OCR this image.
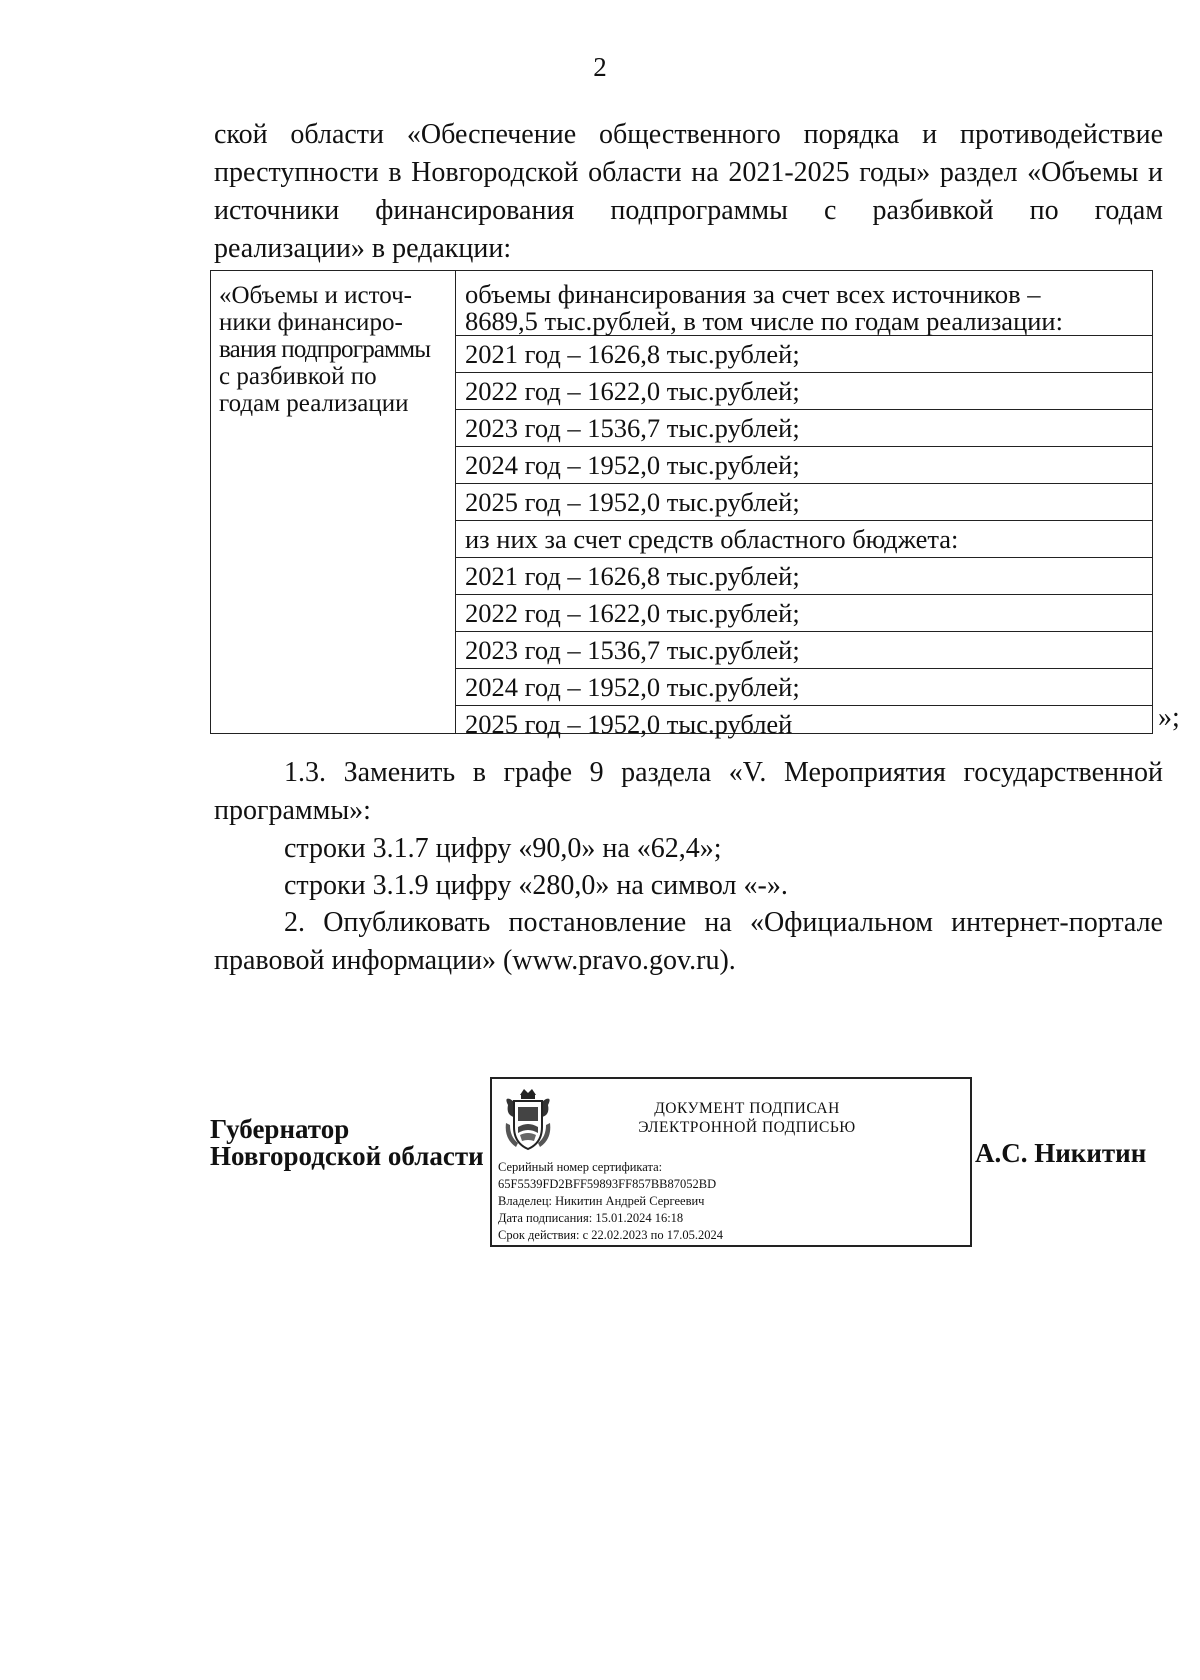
2
ской области «Обеспечение общественного порядка и противодействие
преступности в Новгородской области на 2021-2025 годы» раздел «Объемы и
источники финансирования подпрограммы с разбивкой по годам
реализации» в редакции:
«Объемы и источ-
ники финансиро-
вания подпрограммы
с разбивкой по
годам реализации
объемы финансирования за счет всех источников –
8689,5 тыс.рублей, в том числе по годам реализации:
2021 год – 1626,8 тыс.рублей;
2022 год – 1622,0 тыс.рублей;
2023 год – 1536,7 тыс.рублей;
2024 год – 1952,0 тыс.рублей;
2025 год – 1952,0 тыс.рублей;
из них за счет средств областного бюджета:
2021 год – 1626,8 тыс.рублей;
2022 год – 1622,0 тыс.рублей;
2023 год – 1536,7 тыс.рублей;
2024 год – 1952,0 тыс.рублей;
2025 год – 1952,0 тыс.рублей	»;

1.3. Заменить в графе 9 раздела «V. Мероприятия государственной программы»:

строки 3.1.7 цифру «90,0» на «62,4»;

строки 3.1.9 цифру «280,0» на символ «-».

2. Опубликовать постановление на «Официальном интернет-портале правовой информации» (www.pravo.gov.ru).

Губернатор
Новгородской области
ДОКУМЕНТ ПОДПИСАН
ЭЛЕКТРОННОЙ ПОДПИСЬЮ
Серийный номер сертификата:
65F5539FD2BFF59893FF857BB87052BD
Владелец: Никитин Андрей Сергеевич
Дата подписания: 15.01.2024 16:18
Срок действия: с 22.02.2023 по 17.05.2024
А.С. Никитин
